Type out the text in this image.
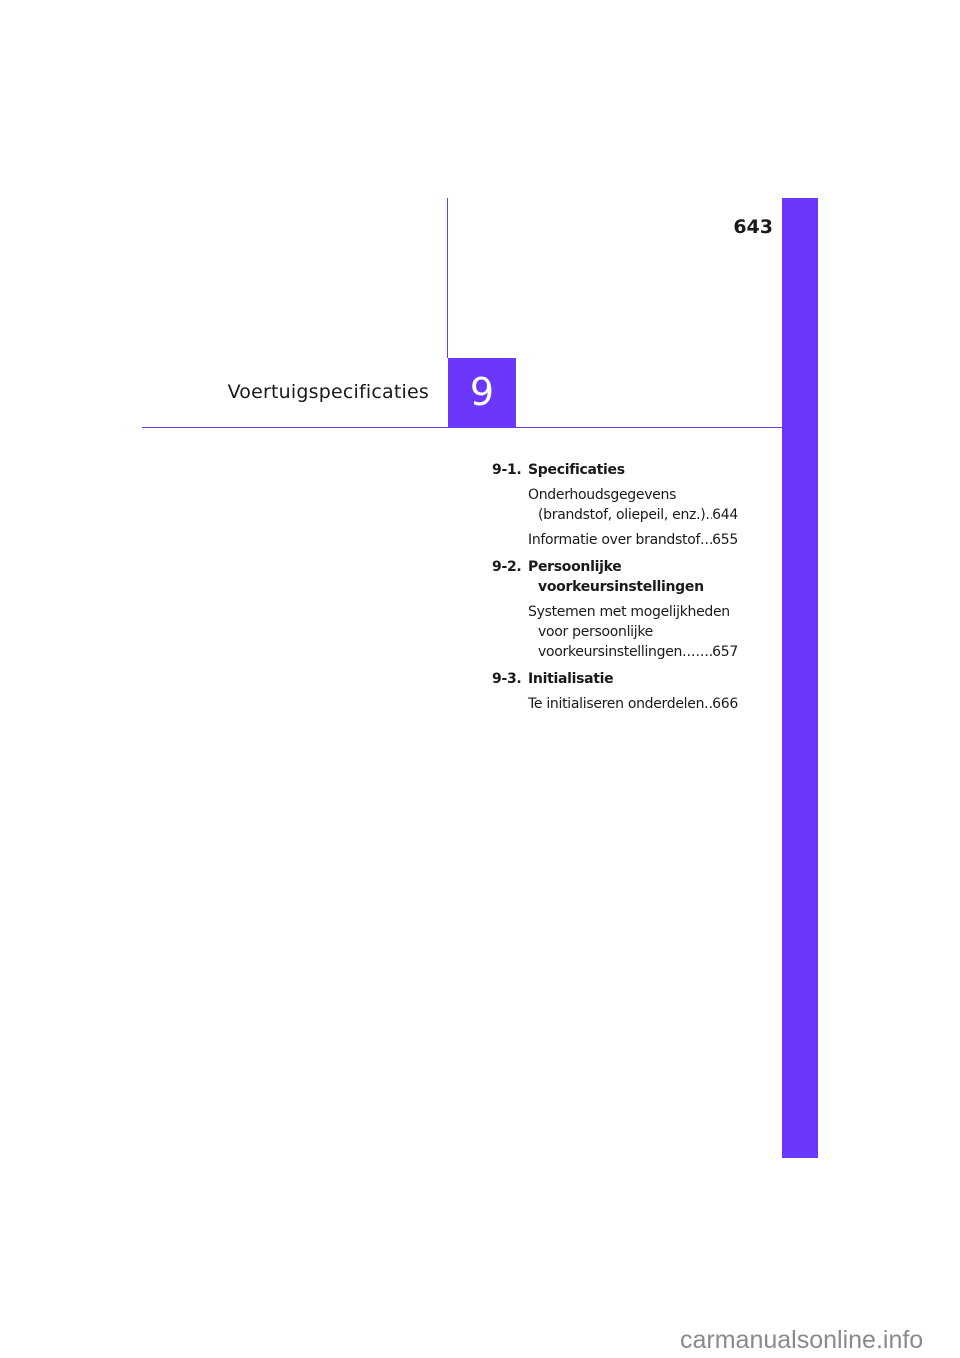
9
643
Voertuigspecificaties
9-1. Specificaties
Onderhoudsgegevens
(brandstof, oliepeil, enz.) ..... 644
Informatie over brandstof ..... 655
9-2. Persoonlijke
voorkeursinstellingen
Systemen met mogelijkheden
voor persoonlijke
voorkeursinstellingen ..... 657
9-3. Initialisatie
Te initialiseren onderdelen ..... 666
carmanualsonline.info
